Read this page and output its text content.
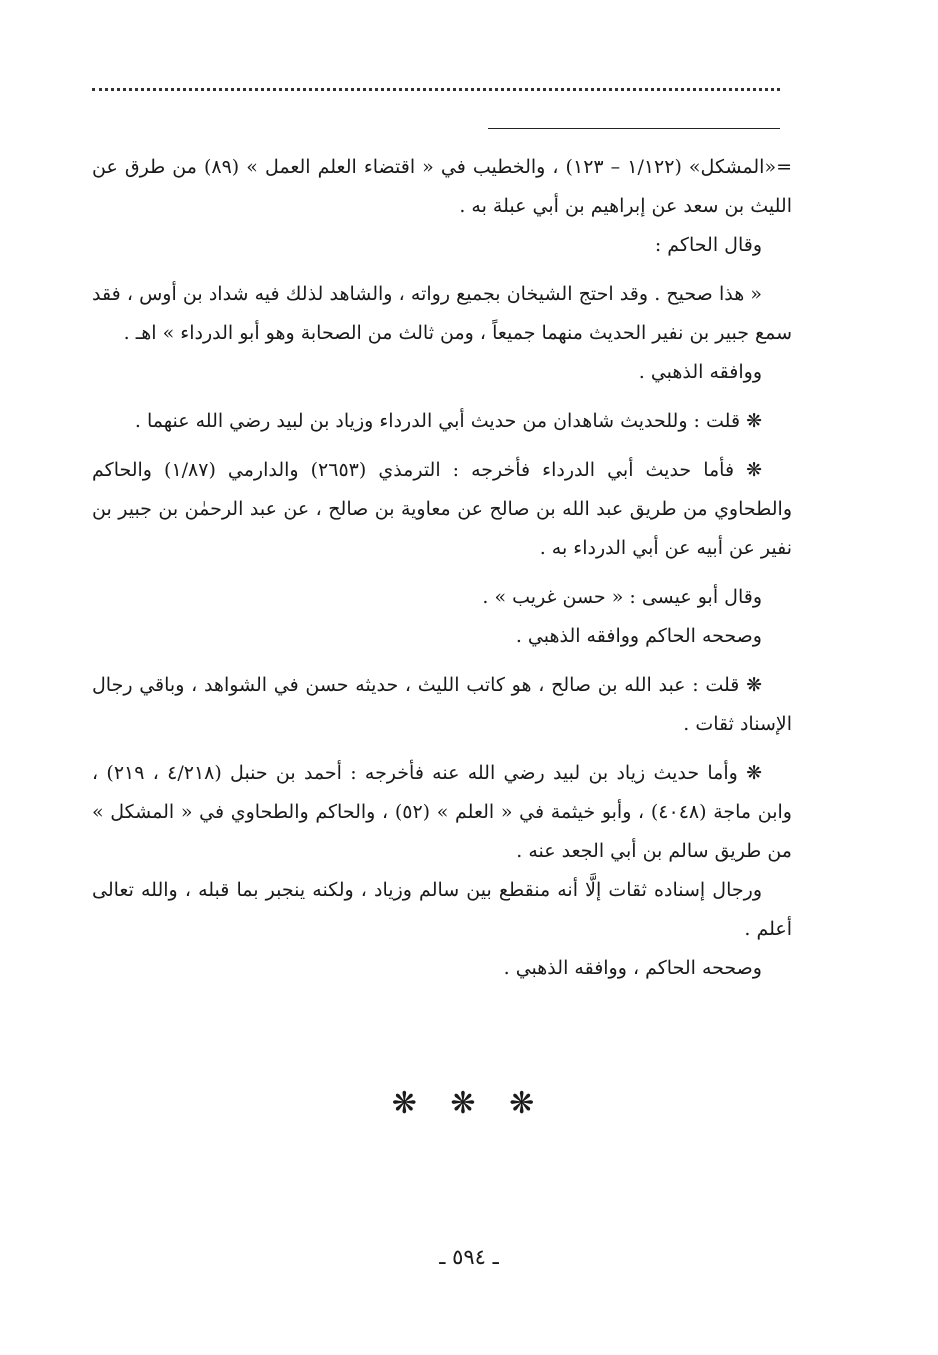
=«المشكل» (١/١٢٢ – ١٢٣) ، والخطيب في « اقتضاء العلم العمل » (٨٩) من طرق عن الليث بن سعد عن إبراهيم بن أبي عبلة به .

وقال الحاكم :

« هذا صحيح . وقد احتج الشيخان بجميع رواته ، والشاهد لذلك فيه شداد بن أوس ، فقد سمع جبير بن نفير الحديث منهما جميعاً ، ومن ثالث من الصحابة وهو أبو الدرداء » اهـ .

ووافقه الذهبي .

❋ قلت : وللحديث شاهدان من حديث أبي الدرداء وزياد بن لبيد رضي الله عنهما .

❋ فأما حديث أبي الدرداء فأخرجه : الترمذي (٢٦٥٣) والدارمي (١/٨٧) والحاكم والطحاوي من طريق عبد الله بن صالح عن معاوية بن صالح ، عن عبد الرحمٰن بن جبير بن نفير عن أبيه عن أبي الدرداء به .

وقال أبو عيسى : « حسن غريب » .

وصححه الحاكم ووافقه الذهبي .

❋ قلت : عبد الله بن صالح ، هو كاتب الليث ، حديثه حسن في الشواهد ، وباقي رجال الإسناد ثقات .

❋ وأما حديث زياد بن لبيد رضي الله عنه فأخرجه : أحمد بن حنبل (٤/٢١٨ ، ٢١٩) ، وابن ماجة (٤٠٤٨) ، وأبو خيثمة في « العلم » (٥٢) ، والحاكم والطحاوي في « المشكل » من طريق سالم بن أبي الجعد عنه .

ورجال إسناده ثقات إلَّا أنه منقطع بين سالم وزياد ، ولكنه ينجبر بما قبله ، والله تعالى أعلم .

وصححه الحاكم ، ووافقه الذهبي .

❋ ❋ ❋
ـ ٥٩٤ ـ
